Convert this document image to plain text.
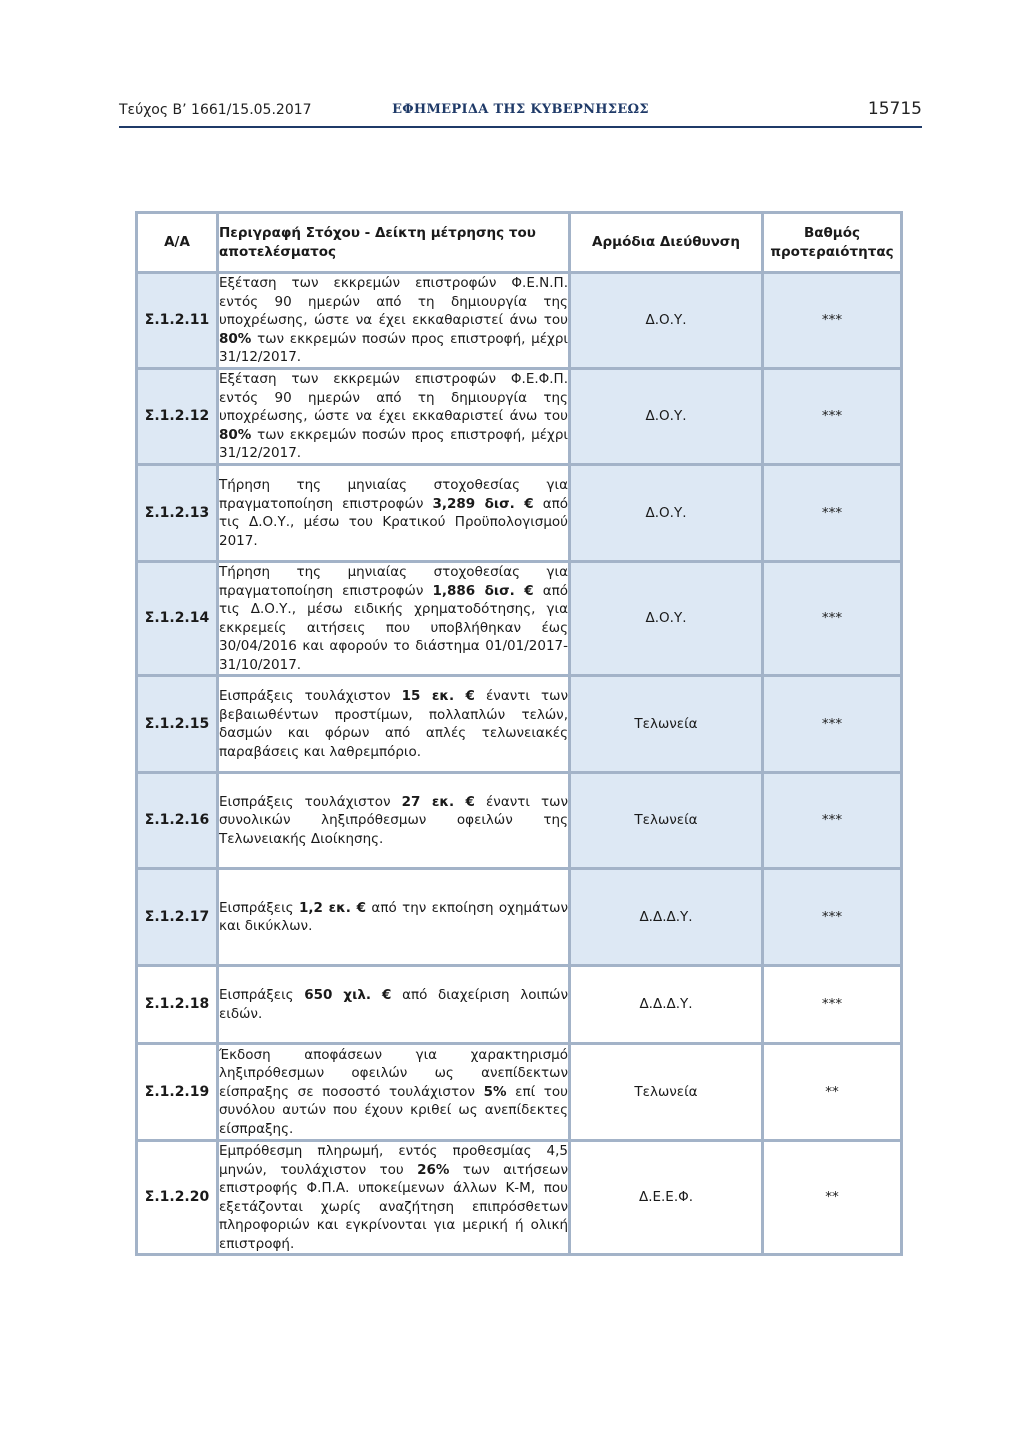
Τεύχος Β’ 1661/15.05.2017	ΕΦΗΜΕΡΙΔΑ ΤΗΣ ΚΥΒΕΡΝΗΣΕΩΣ	15715
Α/Α	Περιγραφή Στόχου - Δείκτη μέτρησης του αποτελέσματος	Αρμόδια Διεύθυνση	Βαθμός προτεραιότητας
Σ.1.2.11	Εξέταση των εκκρεμών επιστροφών Φ.Ε.Ν.Π. εντός 90 ημερών από τη δημιουργία της υποχρέωσης, ώστε να έχει εκκαθαριστεί άνω του 80% των εκκρεμών ποσών προς επιστροφή, μέχρι 31/12/2017.	Δ.Ο.Υ.	***
Σ.1.2.12	Εξέταση των εκκρεμών επιστροφών Φ.Ε.Φ.Π. εντός 90 ημερών από τη δημιουργία της υποχρέωσης, ώστε να έχει εκκαθαριστεί άνω του 80% των εκκρεμών ποσών προς επιστροφή, μέχρι 31/12/2017.	Δ.Ο.Υ.	***
Σ.1.2.13	Τήρηση της μηνιαίας στοχοθεσίας για πραγματοποίηση επιστροφών 3,289 δισ. € από τις Δ.Ο.Υ., μέσω του Κρατικού Προϋπολογισμού 2017.	Δ.Ο.Υ.	***
Σ.1.2.14	Τήρηση της μηνιαίας στοχοθεσίας για πραγματοποίηση επιστροφών 1,886 δισ. € από τις Δ.Ο.Υ., μέσω ειδικής χρηματοδότησης, για εκκρεμείς αιτήσεις που υποβλήθηκαν έως 30/04/2016 και αφορούν το διάστημα 01/01/2017-31/10/2017.	Δ.Ο.Υ.	***
Σ.1.2.15	Εισπράξεις τουλάχιστον 15 εκ. € έναντι των βεβαιωθέντων προστίμων, πολλαπλών τελών, δασμών και φόρων από απλές τελωνειακές παραβάσεις και λαθρεμπόριο.	Τελωνεία	***
Σ.1.2.16	Εισπράξεις τουλάχιστον 27 εκ. € έναντι των συνολικών ληξιπρόθεσμων οφειλών της Τελωνειακής Διοίκησης.	Τελωνεία	***
Σ.1.2.17	Εισπράξεις 1,2 εκ. € από την εκποίηση οχημάτων και δικύκλων.	Δ.Δ.Δ.Υ.	***
Σ.1.2.18	Εισπράξεις 650 χιλ. € από διαχείριση λοιπών ειδών.	Δ.Δ.Δ.Υ.	***
Σ.1.2.19	Έκδοση αποφάσεων για χαρακτηρισμό ληξιπρόθεσμων οφειλών ως ανεπίδεκτων είσπραξης σε ποσοστό τουλάχιστον 5% επί του συνόλου αυτών που έχουν κριθεί ως ανεπίδεκτες είσπραξης.	Τελωνεία	**
Σ.1.2.20	Εμπρόθεσμη πληρωμή, εντός προθεσμίας 4,5 μηνών, τουλάχιστον του 26% των αιτήσεων επιστροφής Φ.Π.Α. υποκείμενων άλλων Κ-Μ, που εξετάζονται χωρίς αναζήτηση επιπρόσθετων πληροφοριών και εγκρίνονται για μερική ή ολική επιστροφή.	Δ.Ε.Ε.Φ.	**
